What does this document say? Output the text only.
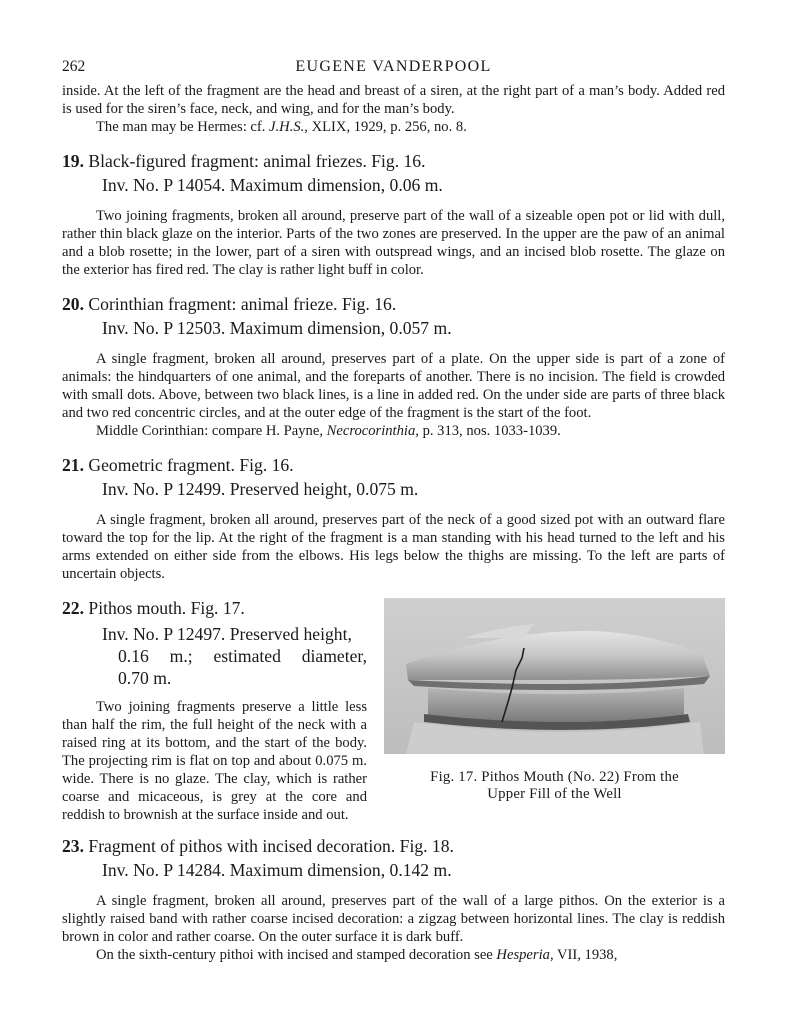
262	EUGENE VANDERPOOL

inside. At the left of the fragment are the head and breast of a siren, at the right part of a man’s body. Added red is used for the siren’s face, neck, and wing, and for the man’s body.

The man may be Hermes: cf. J.H.S., XLIX, 1929, p. 256, no. 8.

19. Black-figured fragment: animal friezes. Fig. 16.

Inv. No. P 14054. Maximum dimension, 0.06 m.

Two joining fragments, broken all around, preserve part of the wall of a sizeable open pot or lid with dull, rather thin black glaze on the interior. Parts of the two zones are preserved. In the upper are the paw of an animal and a blob rosette; in the lower, part of a siren with outspread wings, and an incised blob rosette. The glaze on the exterior has fired red. The clay is rather light buff in color.

20. Corinthian fragment: animal frieze. Fig. 16.

Inv. No. P 12503. Maximum dimension, 0.057 m.

A single fragment, broken all around, preserves part of a plate. On the upper side is part of a zone of animals: the hindquarters of one animal, and the foreparts of another. There is no incision. The field is crowded with small dots. Above, between two black lines, is a line in added red. On the under side are parts of three black and two red concentric circles, and at the outer edge of the fragment is the start of the foot.

Middle Corinthian: compare H. Payne, Necrocorinthia, p. 313, nos. 1033-1039.

21. Geometric fragment. Fig. 16.

Inv. No. P 12499. Preserved height, 0.075 m.

A single fragment, broken all around, preserves part of the neck of a good sized pot with an outward flare toward the top for the lip. At the right of the fragment is a man standing with his head turned to the left and his arms extended on either side from the elbows. His legs below the thighs are missing. To the left are parts of uncertain objects.

22. Pithos mouth. Fig. 17.

Inv. No. P 12497. Preserved height,

0.16 m.; estimated diameter,

0.70 m.

Two joining fragments preserve a little less than half the rim, the full height of the neck with a raised ring at its bottom, and the start of the body. The projecting rim is flat on top and about 0.075 m. wide. There is no glaze. The clay, which is rather coarse and micaceous, is grey at the core and reddish to brownish at the surface inside and out.

Fig. 17. Pithos Mouth (No. 22) From the
Upper Fill of the Well

23. Fragment of pithos with incised decoration. Fig. 18.

Inv. No. P 14284. Maximum dimension, 0.142 m.

A single fragment, broken all around, preserves part of the wall of a large pithos. On the exterior is a slightly raised band with rather coarse incised decoration: a zigzag between horizontal lines. The clay is reddish brown in color and rather coarse. On the outer surface it is dark buff.

On the sixth-century pithoi with incised and stamped decoration see Hesperia, VII, 1938,
